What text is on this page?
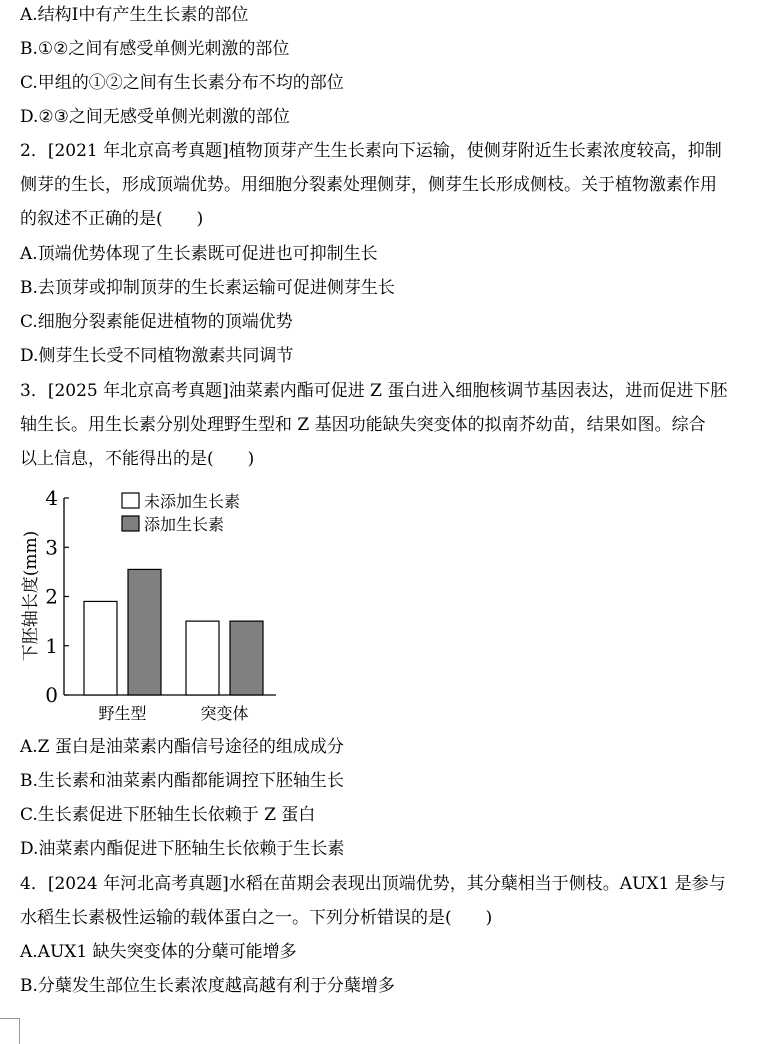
A.结构Ⅰ中有产生生长素的部位
B.①②之间有感受单侧光刺激的部位
C.甲组的①②之间有生长素分布不均的部位
D.②③之间无感受单侧光刺激的部位
2．[2021 年北京高考真题]植物顶芽产生生长素向下运输，使侧芽附近生长素浓度较高，抑制
侧芽的生长，形成顶端优势。用细胞分裂素处理侧芽，侧芽生长形成侧枝。关于植物激素作用
的叙述不正确的是(　　)
A.顶端优势体现了生长素既可促进也可抑制生长
B.去顶芽或抑制顶芽的生长素运输可促进侧芽生长
C.细胞分裂素能促进植物的顶端优势
D.侧芽生长受不同植物激素共同调节
3．[2025 年北京高考真题]油菜素内酯可促进 Z 蛋白进入细胞核调节基因表达，进而促进下胚
轴生长。用生长素分别处理野生型和 Z 基因功能缺失突变体的拟南芥幼苗，结果如图。综合
以上信息，不能得出的是(　　)
下胚轴长度(mm)
0
1
2
3
4
野生型	突变体
未添加生长素
添加生长素
A.Z 蛋白是油菜素内酯信号途径的组成成分
B.生长素和油菜素内酯都能调控下胚轴生长
C.生长素促进下胚轴生长依赖于 Z 蛋白
D.油菜素内酯促进下胚轴生长依赖于生长素
4．[2024 年河北高考真题]水稻在苗期会表现出顶端优势，其分蘖相当于侧枝。AUX1 是参与
水稻生长素极性运输的载体蛋白之一。下列分析错误的是(　　)
A.AUX1 缺失突变体的分蘖可能增多
B.分蘖发生部位生长素浓度越高越有利于分蘖增多
